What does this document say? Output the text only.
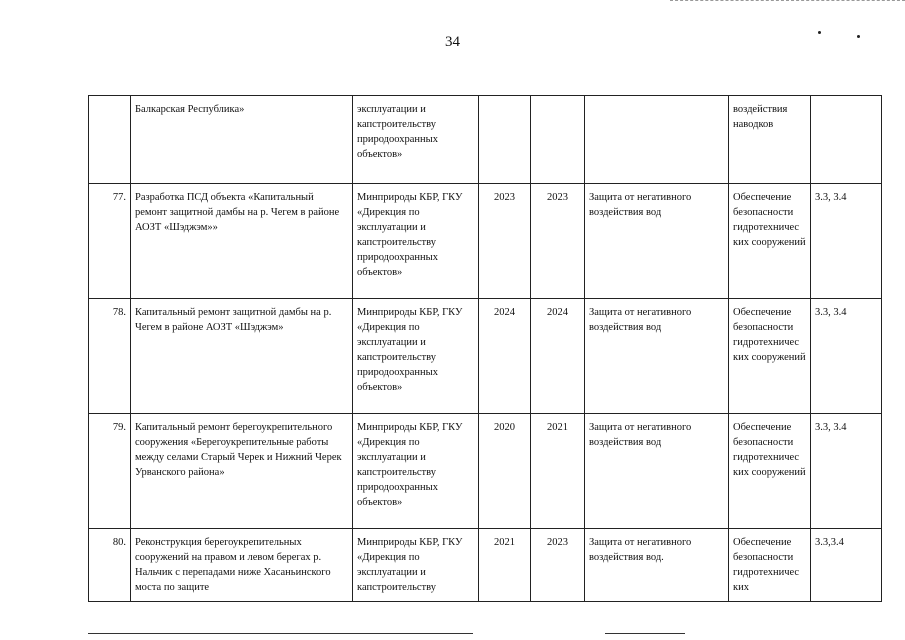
34
	Балкарская Республика»	эксплуатации и капстроительству природоохранных объектов»				воздействия наводков	
77.	Разработка ПСД объекта «Капитальный ремонт защитной дамбы на р. Чегем в районе АОЗТ «Шэджэм»»	Минприроды КБР, ГКУ «Дирекция по эксплуатации и капстроительству природоохранных объектов»	2023	2023	Защита от негативного воздействия вод	Обеспечение безопасности гидротехничес ких сооружений	3.3, 3.4
78.	Капитальный ремонт защитной дамбы на р. Чегем в районе АОЗТ «Шэджэм»	Минприроды КБР, ГКУ «Дирекция по эксплуатации и капстроительству природоохранных объектов»	2024	2024	Защита от негативного воздействия вод	Обеспечение безопасности гидротехничес ких сооружений	3.3, 3.4
79.	Капитальный ремонт берегоукрепительного сооружения «Берегоукрепительные работы между селами Старый Черек и Нижний Черек Урванского района»	Минприроды КБР, ГКУ «Дирекция по эксплуатации и капстроительству природоохранных объектов»	2020	2021	Защита от негативного воздействия вод	Обеспечение безопасности гидротехничес ких сооружений	3.3, 3.4
80.	Реконструкция берегоукрепительных сооружений на правом и левом берегах р. Нальчик с перепадами ниже Хасаньинского моста по защите	Минприроды КБР, ГКУ «Дирекция по эксплуатации и капстроительству	2021	2023	Защита от негативного воздействия вод.	Обеспечение безопасности гидротехничес ких	3.3,3.4
